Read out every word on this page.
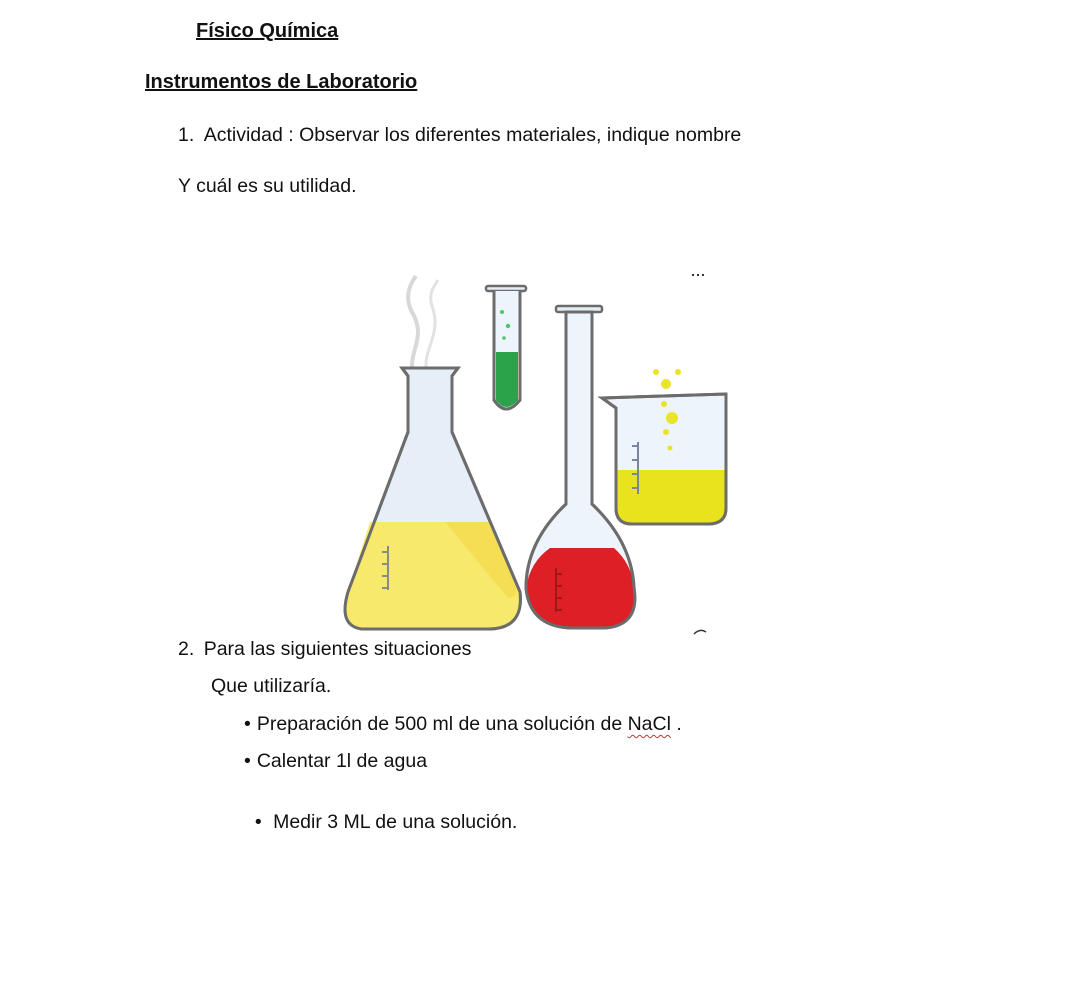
Físico Química
Instrumentos de Laboratorio
1. Actividad : Observar los diferentes materiales, indique nombre
Y cuál es su utilidad.
2. Para las siguientes situaciones
Que utilizaría.
• Preparación de 500 ml de una solución de NaCl .
• Calentar 1l de agua

• Medir 3 ML de una solución.
